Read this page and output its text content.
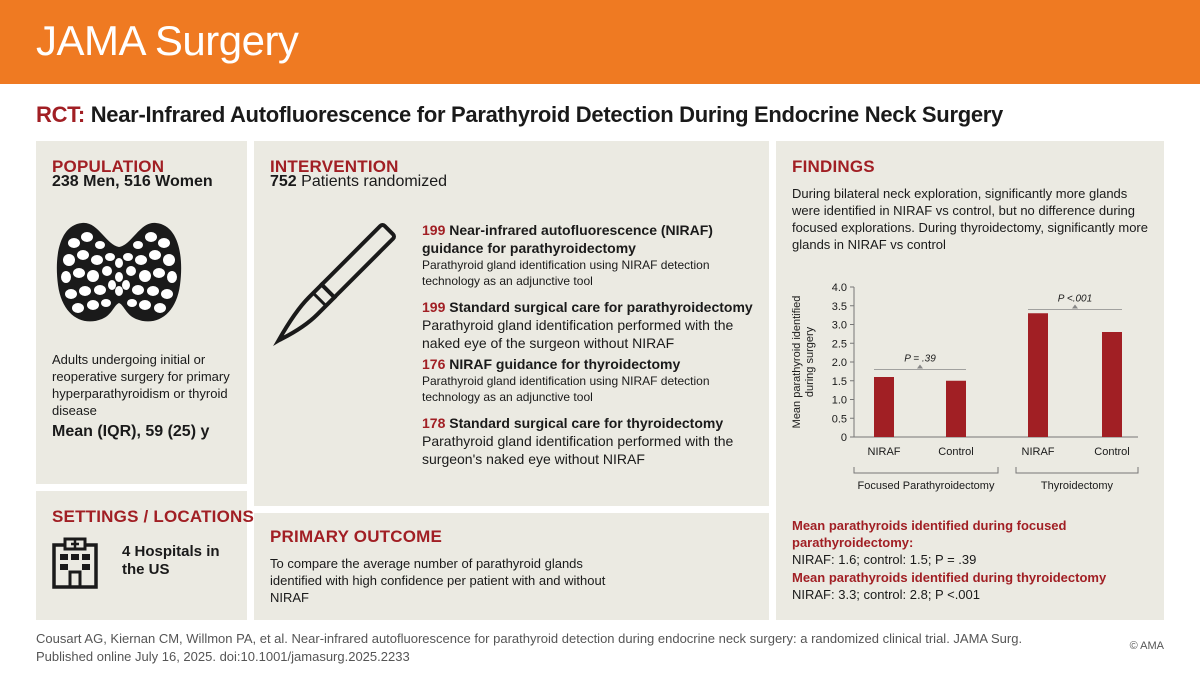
JAMA Surgery
RCT: Near-Infrared Autofluorescence for Parathyroid Detection During Endocrine Neck Surgery
POPULATION
238 Men, 516 Women
Adults undergoing initial or reoperative surgery for primary hyperparathyroidism or thyroid disease
Mean (IQR), 59 (25) y
SETTINGS / LOCATIONS
4 Hospitals in the US
INTERVENTION
752 Patients randomized
199 Near-infrared autofluorescence (NIRAF) guidance for parathyroidectomy
Parathyroid gland identification using NIRAF detection technology as an adjunctive tool
199 Standard surgical care for parathyroidectomy
Parathyroid gland identification performed with the naked eye of the surgeon without NIRAF
176 NIRAF guidance for thyroidectomy
Parathyroid gland identification using NIRAF detection technology as an adjunctive tool
178 Standard surgical care for thyroidectomy
Parathyroid gland identification performed with the surgeon's naked eye without NIRAF
PRIMARY OUTCOME
To compare the average number of parathyroid glands identified with high confidence per patient with and without NIRAF
FINDINGS
During bilateral neck exploration, significantly more glands were identified in NIRAF vs control, but no difference during focused explorations. During thyroidectomy, significantly more glands in NIRAF vs control
0
0.5
1.0
1.5
2.0
2.5
3.0
3.5
4.0
Mean parathyroid identifiedduring surgery
NIRAF	Control	NIRAF	Control
P = .39
P <.001
Focused Parathyroidectomy	Thyroidectomy
Mean parathyroids identified during focused parathyroidectomy:
NIRAF: 1.6; control: 1.5; P = .39
Mean parathyroids identified during thyroidectomy
NIRAF: 3.3; control: 2.8; P <.001
Cousart AG, Kiernan CM, Willmon PA, et al. Near-infrared autofluorescence for parathyroid detection during endocrine neck surgery: a randomized clinical trial. JAMA Surg. Published online July 16, 2025. doi:10.1001/jamasurg.2025.2233
© AMA
